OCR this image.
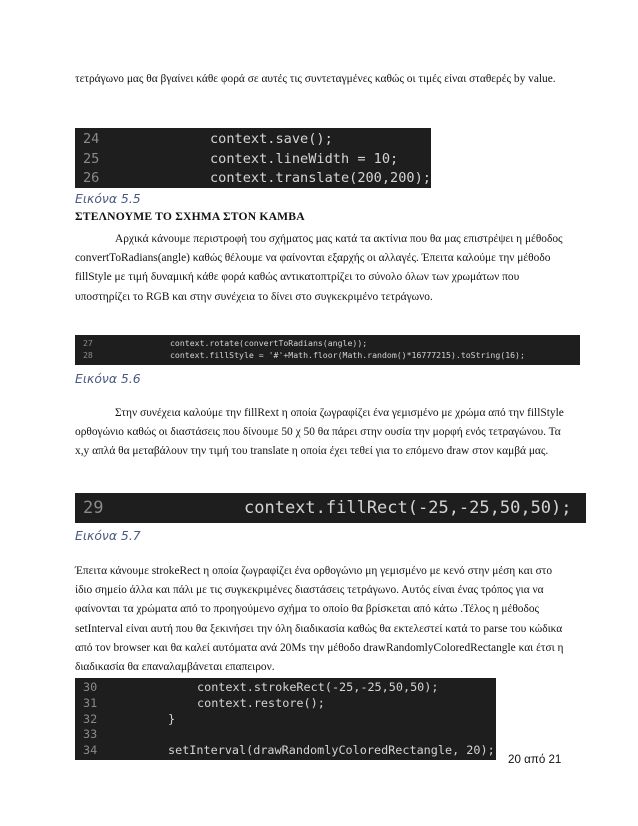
τετράγωνο μας θα βγαίνει κάθε φορά σε αυτές τις συντεταγμένες καθώς οι τιμές είναι σταθερές by value.

24	context.save();
25	context.lineWidth = 10;
26	context.translate(200,200);

Εικόνα 5.5

ΣΤΕΛΝΟΥΜΕ ΤΟ ΣΧΗΜΑ ΣΤΟΝ ΚΑΜΒΑ

Αρχικά κάνουμε περιστροφή του σχήματος μας κατά τα ακτίνια που θα μας επιστρέψει η μέθοδος convertToRadians(angle) καθώς θέλουμε να φαίνονται εξαρχής οι αλλαγές. Έπειτα καλούμε την μέθοδο fillStyle με τιμή δυναμική κάθε φορά καθώς αντικατοπτρίζει το σύνολο όλων των χρωμάτων που υποστηρίζει το RGB και στην συνέχεια το δίνει στο συγκεκριμένο τετράγωνο.

27	context.rotate(convertToRadians(angle));
28	context.fillStyle = '#'+Math.floor(Math.random()*16777215).toString(16);

Εικόνα 5.6

Στην συνέχεια καλούμε την fillRext η οποία ζωγραφίζει ένα γεμισμένο με χρώμα από την fillStyle ορθογώνιο καθώς οι διαστάσεις που δίνουμε 50 χ 50 θα πάρει στην ουσία την μορφή ενός τετραγώνου. Τα x,y απλά θα μεταβάλουν την τιμή του translate η οποία έχει τεθεί για το επόμενο draw στον καμβά μας.

29	context.fillRect(-25,-25,50,50);

Εικόνα 5.7

Έπειτα κάνουμε strokeRect η οποία ζωγραφίζει ένα ορθογώνιο μη γεμισμένο με κενό στην μέση και στο ίδιο σημείο άλλα και πάλι με τις συγκεκριμένες διαστάσεις τετράγωνο. Αυτός είναι ένας τρόπος για να φαίνονται τα χρώματα από το προηγούμενο σχήμα το οποίο θα βρίσκεται από κάτω .Τέλος η μέθοδος setInterval είναι αυτή που θα ξεκινήσει την όλη διαδικασία καθώς θα εκτελεστεί κατά το parse του κώδικα από τον browser και θα καλεί αυτόματα ανά 20Ms την μέθοδο drawRandomlyColoredRectangle και έτσι η διαδικασία θα επαναλαμβάνεται επαπειρον.

30	context.strokeRect(-25,-25,50,50);
31	context.restore();
32	}
33
34	setInterval(drawRandomlyColoredRectangle, 20);

20 από 21
